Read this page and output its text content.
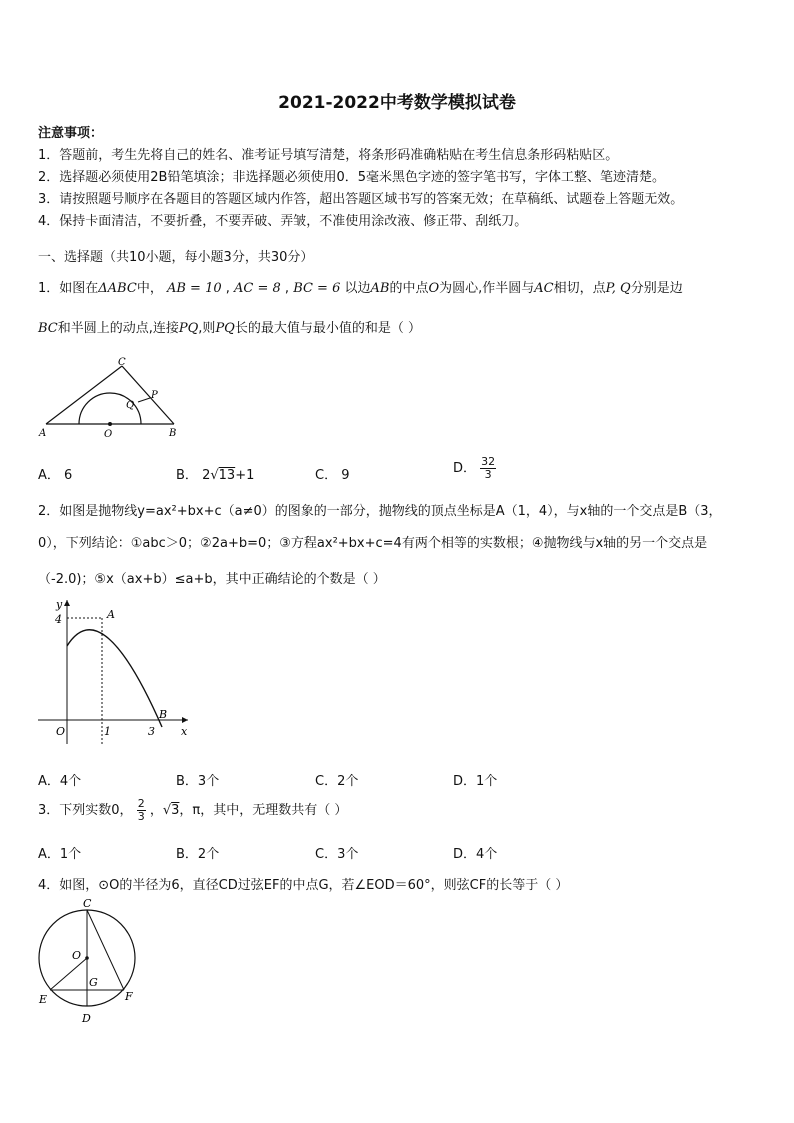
2021-2022中考数学模拟试卷
注意事项：
1．答题前，考生先将自己的姓名、准考证号填写清楚，将条形码准确粘贴在考生信息条形码粘贴区。
2．选择题必须使用2B铅笔填涂；非选择题必须使用0．5毫米黑色字迹的签字笔书写，字体工整、笔迹清楚。
3．请按照题号顺序在各题目的答题区域内作答，超出答题区域书写的答案无效；在草稿纸、试题卷上答题无效。
4．保持卡面清洁，不要折叠，不要弄破、弄皱，不准使用涂改液、修正带、刮纸刀。
一、选择题（共10小题，每小题3分，共30分）
1．如图在ΔABC中， AB = 10 , AC = 8 , BC = 6 以边AB的中点O为圆心,作半圆与AC相切，点P, Q分别是边
BC和半圆上的动点,连接PQ,则PQ长的最大值与最小值的和是（ ）
A	B
C
O
P
Q
A． 6	B． 2√13+1	C． 9	D． $\frac{32}{3}$
2．如图是抛物线y=ax²+bx+c（a≠0）的图象的一部分，抛物线的顶点坐标是A（1，4），与x轴的一个交点是B（3，
0），下列结论：①abc＞0；②2a+b=0；③方程ax²+bx+c=4有两个相等的实数根；④抛物线与x轴的另一个交点是
（-2.0)；⑤x（ax+b）≤a+b，其中正确结论的个数是（ ）
y
x
4	A
B
O	1	3
A．4个	B．3个	C．2个	D．1个
3．下列实数0， $\frac{2}{3}$ ，√3，π，其中，无理数共有（ ）
A．1个	B．2个	C．3个	D．4个
4．如图，⊙O的半径为6，直径CD过弦EF的中点G，若∠EOD＝60°，则弦CF的长等于（ ）
C
O
G
E	F
D
